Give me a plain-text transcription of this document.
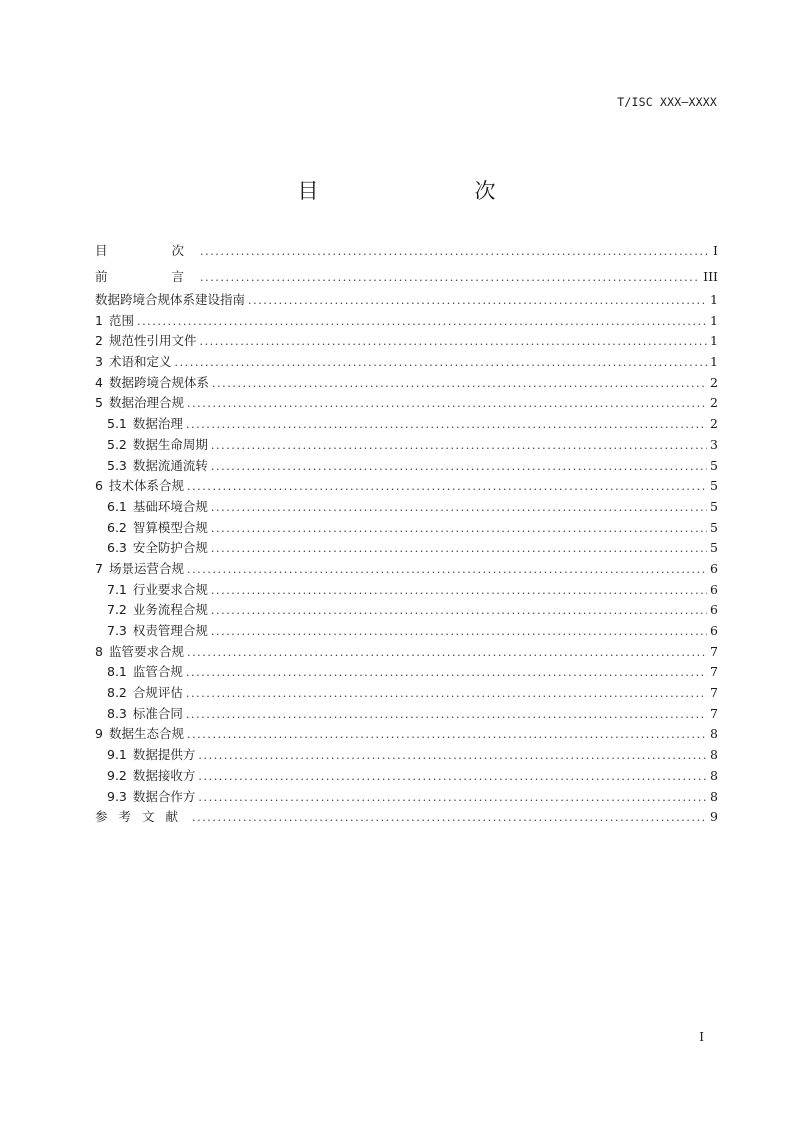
T/ISC XXX—XXXX
目　　次
目　　次 .....	I
前　　言 .....	III
数据跨境合规体系建设指南 .....	1
1 范围 .....	1
2 规范性引用文件 .....	1
3 术语和定义 .....	1
4 数据跨境合规体系 .....	2
5 数据治理合规 .....	2
5.1 数据治理 .....	2
5.2 数据生命周期 .....	3
5.3 数据流通流转 .....	5
6 技术体系合规 .....	5
6.1 基础环境合规 .....	5
6.2 智算模型合规 .....	5
6.3 安全防护合规 .....	5
7 场景运营合规 .....	6
7.1 行业要求合规 .....	6
7.2 业务流程合规 .....	6
7.3 权责管理合规 .....	6
8 监管要求合规 .....	7
8.1 监管合规 .....	7
8.2 合规评估 .....	7
8.3 标准合同 .....	7
9 数据生态合规 .....	8
9.1 数据提供方 .....	8
9.2 数据接收方 .....	8
9.3 数据合作方 .....	8
参考文献 .....	9
I
